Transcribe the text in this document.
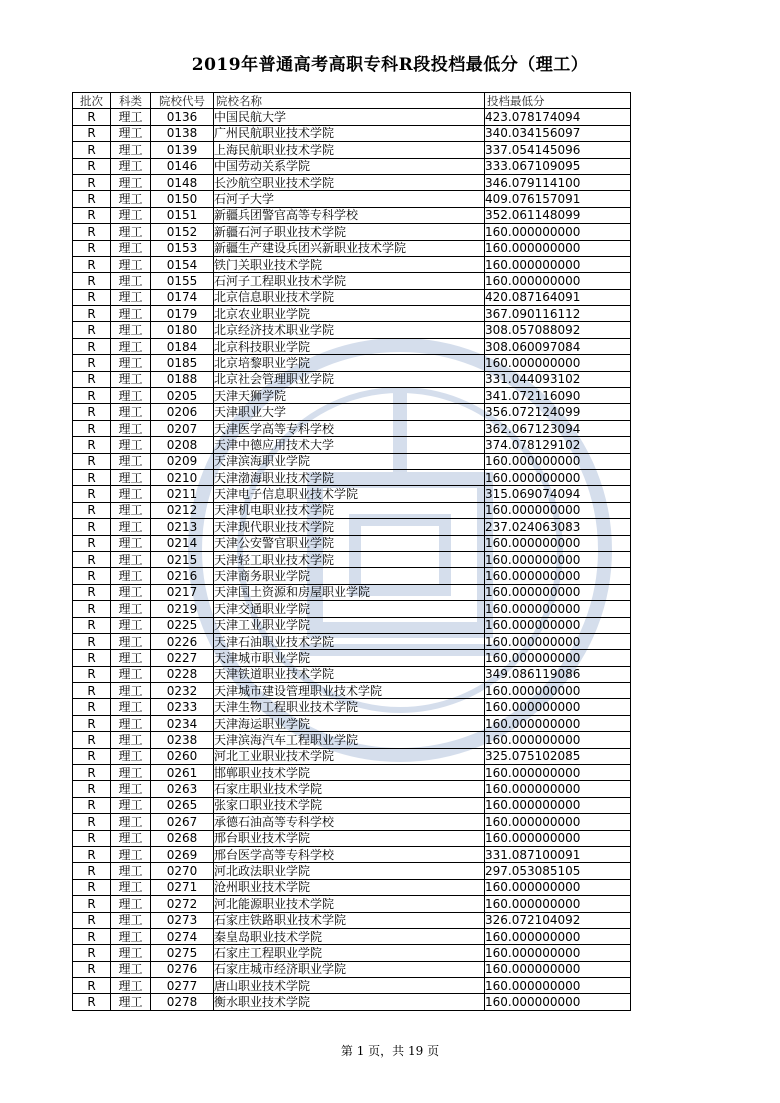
2019年普通高考高职专科R段投档最低分（理工）
批次	科类	院校代号	院校名称	投档最低分
R	理工	0136	中国民航大学	423.078174094
R	理工	0138	广州民航职业技术学院	340.034156097
R	理工	0139	上海民航职业技术学院	337.054145096
R	理工	0146	中国劳动关系学院	333.067109095
R	理工	0148	长沙航空职业技术学院	346.079114100
R	理工	0150	石河子大学	409.076157091
R	理工	0151	新疆兵团警官高等专科学校	352.061148099
R	理工	0152	新疆石河子职业技术学院	160.000000000
R	理工	0153	新疆生产建设兵团兴新职业技术学院	160.000000000
R	理工	0154	铁门关职业技术学院	160.000000000
R	理工	0155	石河子工程职业技术学院	160.000000000
R	理工	0174	北京信息职业技术学院	420.087164091
R	理工	0179	北京农业职业学院	367.090116112
R	理工	0180	北京经济技术职业学院	308.057088092
R	理工	0184	北京科技职业学院	308.060097084
R	理工	0185	北京培黎职业学院	160.000000000
R	理工	0188	北京社会管理职业学院	331.044093102
R	理工	0205	天津天狮学院	341.072116090
R	理工	0206	天津职业大学	356.072124099
R	理工	0207	天津医学高等专科学校	362.067123094
R	理工	0208	天津中德应用技术大学	374.078129102
R	理工	0209	天津滨海职业学院	160.000000000
R	理工	0210	天津渤海职业技术学院	160.000000000
R	理工	0211	天津电子信息职业技术学院	315.069074094
R	理工	0212	天津机电职业技术学院	160.000000000
R	理工	0213	天津现代职业技术学院	237.024063083
R	理工	0214	天津公安警官职业学院	160.000000000
R	理工	0215	天津轻工职业技术学院	160.000000000
R	理工	0216	天津商务职业学院	160.000000000
R	理工	0217	天津国土资源和房屋职业学院	160.000000000
R	理工	0219	天津交通职业学院	160.000000000
R	理工	0225	天津工业职业学院	160.000000000
R	理工	0226	天津石油职业技术学院	160.000000000
R	理工	0227	天津城市职业学院	160.000000000
R	理工	0228	天津铁道职业技术学院	349.086119086
R	理工	0232	天津城市建设管理职业技术学院	160.000000000
R	理工	0233	天津生物工程职业技术学院	160.000000000
R	理工	0234	天津海运职业学院	160.000000000
R	理工	0238	天津滨海汽车工程职业学院	160.000000000
R	理工	0260	河北工业职业技术学院	325.075102085
R	理工	0261	邯郸职业技术学院	160.000000000
R	理工	0263	石家庄职业技术学院	160.000000000
R	理工	0265	张家口职业技术学院	160.000000000
R	理工	0267	承德石油高等专科学校	160.000000000
R	理工	0268	邢台职业技术学院	160.000000000
R	理工	0269	邢台医学高等专科学校	331.087100091
R	理工	0270	河北政法职业学院	297.053085105
R	理工	0271	沧州职业技术学院	160.000000000
R	理工	0272	河北能源职业技术学院	160.000000000
R	理工	0273	石家庄铁路职业技术学院	326.072104092
R	理工	0274	秦皇岛职业技术学院	160.000000000
R	理工	0275	石家庄工程职业学院	160.000000000
R	理工	0276	石家庄城市经济职业学院	160.000000000
R	理工	0277	唐山职业技术学院	160.000000000
R	理工	0278	衡水职业技术学院	160.000000000
第 1 页，共 19 页
